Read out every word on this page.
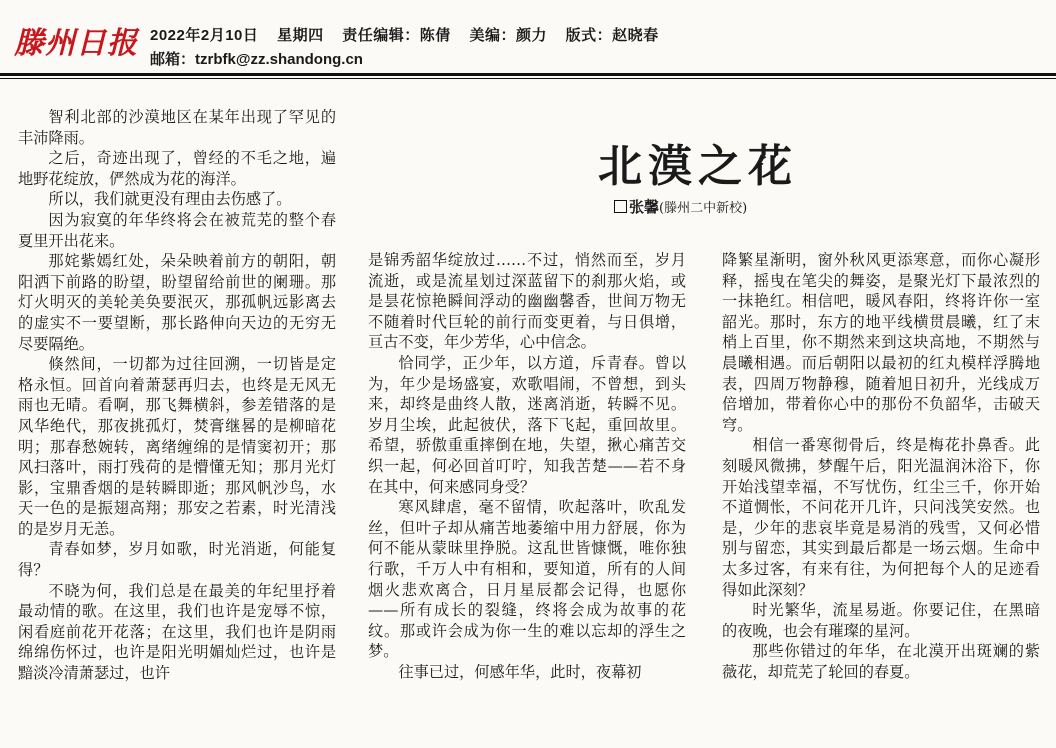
滕州日报 2022年2月10日 星期四 责任编辑：陈倩 美编：颜力 版式：赵晓春
邮箱：tzrbfk@zz.shandong.cn

智利北部的沙漠地区在某年出现了罕见的丰沛降雨。

之后，奇迹出现了，曾经的不毛之地，遍地野花绽放，俨然成为花的海洋。

所以，我们就更没有理由去伤感了。

因为寂寞的年华终将会在被荒芜的整个春夏里开出花来。

那姹紫嫣红处，朵朵映着前方的朝阳，朝阳洒下前路的盼望，盼望留给前世的阑珊。那灯火明灭的美轮美奂要泯灭，那孤帆远影离去的虚实不一要望断，那长路伸向天边的无穷无尽要隔绝。

倏然间，一切都为过往回溯，一切皆是定格永恒。回首向着萧瑟再归去，也终是无风无雨也无晴。看啊，那飞舞横斜，参差错落的是风华绝代，那夜挑孤灯，焚膏继晷的是柳暗花明；那春愁婉转，离绪缠绵的是情窦初开；那风扫落叶，雨打残荷的是懵懂无知；那月光灯影，宝鼎香烟的是转瞬即逝；那风帆沙鸟，水天一色的是振翅高翔；那安之若素，时光清浅的是岁月无恙。

青春如梦，岁月如歌，时光消逝，何能复得？

不晓为何，我们总是在最美的年纪里抒着最动情的歌。在这里，我们也许是宠辱不惊，闲看庭前花开花落；在这里，我们也许是阴雨绵绵伤怀过，也许是阳光明媚灿烂过，也许是黯淡冷清萧瑟过，也许

北漠之花
张馨(滕州二中新校)

是锦秀韶华绽放过……不过，悄然而至，岁月流逝，或是流星划过深蓝留下的刹那火焰，或是昙花惊艳瞬间浮动的幽幽馨香，世间万物无不随着时代巨轮的前行而变更着，与日俱增，亘古不变，年少芳华，心中信念。

恰同学，正少年，以方道，斥青春。曾以为，年少是场盛宴，欢歌唱闹，不曾想，到头来，却终是曲终人散，迷离消逝，转瞬不见。岁月尘埃，此起彼伏，落下飞起，重回故里。希望，骄傲重重摔倒在地，失望，揪心痛苦交织一起，何必回首叮咛，知我苦楚——若不身在其中，何来感同身受？

寒风肆虐，毫不留情，吹起落叶，吹乱发丝，但叶子却从痛苦地萎缩中用力舒展，你为何不能从蒙昧里挣脱。这乱世皆慷慨，唯你独行歌，千万人中有相和，要知道，所有的人间烟火悲欢离合，日月星辰都会记得，也愿你——所有成长的裂缝，终将会成为故事的花纹。那或许会成为你一生的难以忘却的浮生之梦。

往事已过，何感年华，此时，夜幕初

降繁星渐明，窗外秋风更添寒意，而你心凝形释，摇曳在笔尖的舞姿，是聚光灯下最浓烈的一抹艳红。相信吧，暖风春阳，终将许你一室韶光。那时，东方的地平线横贯晨曦，红了末梢上百里，你不期然来到这块高地，不期然与晨曦相遇。而后朝阳以最初的红丸模样浮腾地表，四周万物静穆，随着旭日初升，光线成万倍增加，带着你心中的那份不负韶华，击破天穹。

相信一番寒彻骨后，终是梅花扑鼻香。此刻暖风微拂，梦醒午后，阳光温润沐浴下，你开始浅望幸福，不写忧伤，红尘三千，你开始不道惆怅，不问花开几许，只问浅笑安然。也是，少年的悲哀毕竟是易消的残雪，又何必惜别与留恋，其实到最后都是一场云烟。生命中太多过客，有来有往，为何把每个人的足迹看得如此深刻？

时光繁华，流星易逝。你要记住，在黑暗的夜晚，也会有璀璨的星河。

那些你错过的年华，在北漠开出斑斓的紫薇花，却荒芜了轮回的春夏。
